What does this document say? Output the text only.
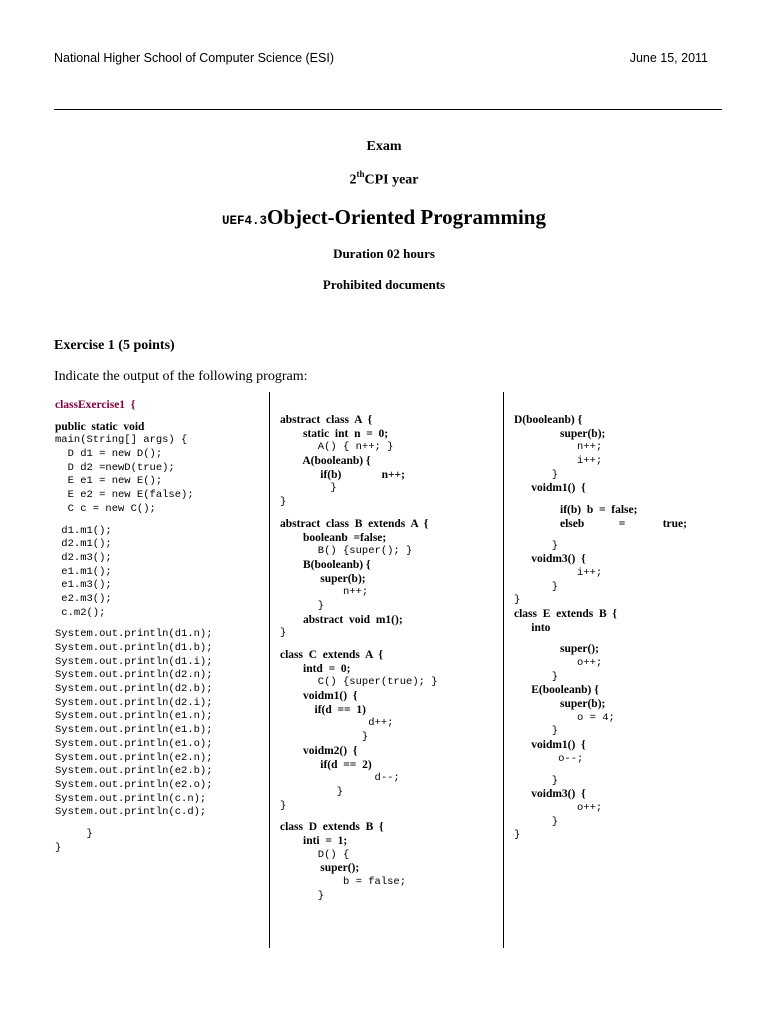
National Higher School of Computer Science (ESI)	June 15, 2011
Exam
2thCPI year
UEF4.3Object-Oriented Programming
Duration 02 hours
Prohibited documents
Exercise 1 (5 points)
Indicate the output of the following program:
classExercise1  {
public  static  void
main(String[] args) {
D d1 = new D();
D d2 =newD(true);
E e1 = new E();
E e2 = new E(false);
C c = new C();
d1.m1();
d2.m1();
d2.m3();
e1.m1();
e1.m3();
e2.m3();
c.m2();
System.out.println(d1.n);
System.out.println(d1.b);
System.out.println(d1.i);
System.out.println(d2.n);
System.out.println(d2.b);
System.out.println(d2.i);
System.out.println(e1.n);
System.out.println(e1.b);
System.out.println(e1.o);
System.out.println(e2.n);
System.out.println(e2.b);
System.out.println(e2.o);
System.out.println(c.n);
System.out.println(c.d);
}
}
abstract  class  A  {
static  int  n  =  0;
A() { n++; }
A(booleanb) {
if(b)              n++;
}
}
abstract  class  B  extends  A  {
booleanb  =false;
B() {super(); }
B(booleanb) {
super(b);
n++;
}
abstract  void  m1();
}
class  C  extends  A  {
intd  =  0;
C() {super(true); }
voidm1()  {
if(d  ==  1)
d++;
}
voidm2()  {
if(d  ==  2)
d--;
}
}
class  D  extends  B  {
inti  =  1;
D() {
super();
b = false;
}
D(booleanb) {
super(b);
n++;
i++;
}
voidm1()  {
if(b)  b  =  false;
elseb            =             true;
}
voidm3()  {
i++;
}
}
class  E  extends  B  {
into
super();
o++;
}
E(booleanb) {
super(b);
o = 4;
}
voidm1()  {
o--;
}
voidm3()  {
o++;
}
}
